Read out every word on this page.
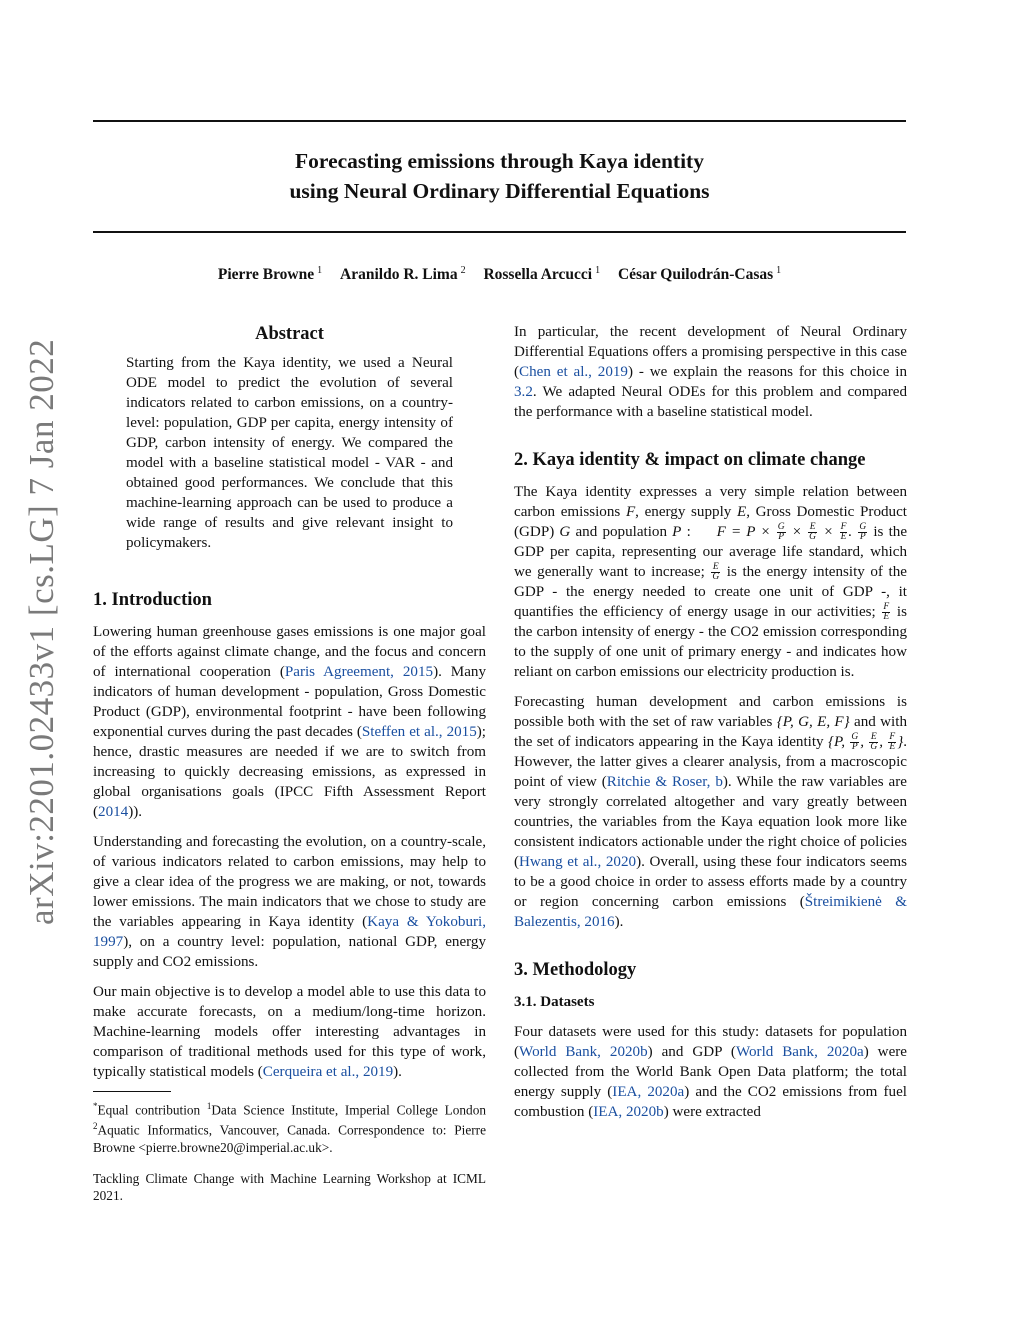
Forecasting emissions through Kaya identity
using Neural Ordinary Differential Equations
Pierre Browne $^1$ Aranildo R. Lima $^2$ Rossella Arcucci $^1$ César Quilodrán-Casas $^1$
arXiv:2201.02433v1 [cs.LG] 7 Jan 2022
Abstract

Starting from the Kaya identity, we used a Neural ODE model to predict the evolution of several indicators related to carbon emissions, on a country-level: population, GDP per capita, energy intensity of GDP, carbon intensity of energy. We compared the model with a baseline statistical model - VAR - and obtained good performances. We conclude that this machine-learning approach can be used to produce a wide range of results and give relevant insight to policymakers.

1. Introduction

Lowering human greenhouse gases emissions is one major goal of the efforts against climate change, and the focus and concern of international cooperation (Paris Agreement, 2015). Many indicators of human development - population, Gross Domestic Product (GDP), environmental footprint - have been following exponential curves during the past decades (Steffen et al., 2015); hence, drastic measures are needed if we are to switch from increasing to quickly decreasing emissions, as expressed in global organisations goals (IPCC Fifth Assessment Report (2014)).

Understanding and forecasting the evolution, on a country-scale, of various indicators related to carbon emissions, may help to give a clear idea of the progress we are making, or not, towards lower emissions. The main indicators that we chose to study are the variables appearing in Kaya identity (Kaya & Yokoburi, 1997), on a country level: population, national GDP, energy supply and CO2 emissions.

Our main objective is to develop a model able to use this data to make accurate forecasts, on a medium/long-time horizon. Machine-learning models offer interesting advantages in comparison of traditional methods used for this type of work, typically statistical models (Cerqueira et al., 2019).

*Equal contribution $^1$Data Science Institute, Imperial College London $^2$Aquatic Informatics, Vancouver, Canada. Correspondence to: Pierre Browne <pierre.browne20@imperial.ac.uk>.

Tackling Climate Change with Machine Learning Workshop at ICML 2021.

In particular, the recent development of Neural Ordinary Differential Equations offers a promising perspective in this case (Chen et al., 2019) - we explain the reasons for this choice in 3.2. We adapted Neural ODEs for this problem and compared the performance with a baseline statistical model.

2. Kaya identity & impact on climate change

The Kaya identity expresses a very simple relation between carbon emissions F, energy supply E, Gross Domestic Product (GDP) G and population P : $F = P \times \frac{G}{P} \times \frac{E}{G} \times \frac{F}{E}$ . $\frac{G}{P}$ is the GDP per capita, representing our average life standard, which we generally want to increase; $\frac{E}{G}$ is the energy intensity of the GDP - the energy needed to create one unit of GDP -, it quantifies the efficiency of energy usage in our activities; $\frac{F}{E}$ is the carbon intensity of energy - the CO2 emission corresponding to the supply of one unit of primary energy - and indicates how reliant on carbon emissions our electricity production is.

Forecasting human development and carbon emissions is possible both with the set of raw variables {P, G, E, F} and with the set of indicators appearing in the Kaya identity {P, $\frac{G}{P}$ , $\frac{E}{G}$ , $\frac{F}{E}$ }. However, the latter gives a clearer analysis, from a macroscopic point of view (Ritchie & Roser, b). While the raw variables are very strongly correlated altogether and vary greatly between countries, the variables from the Kaya equation look more like consistent indicators actionable under the right choice of policies (Hwang et al., 2020). Overall, using these four indicators seems to be a good choice in order to assess efforts made by a country or region concerning carbon emissions (Štreimikienė & Balezentis, 2016).

3. Methodology
3.1. Datasets

Four datasets were used for this study: datasets for population (World Bank, 2020b) and GDP (World Bank, 2020a) were collected from the World Bank Open Data platform; the total energy supply (IEA, 2020a) and the CO2 emissions from fuel combustion (IEA, 2020b) were extracted
